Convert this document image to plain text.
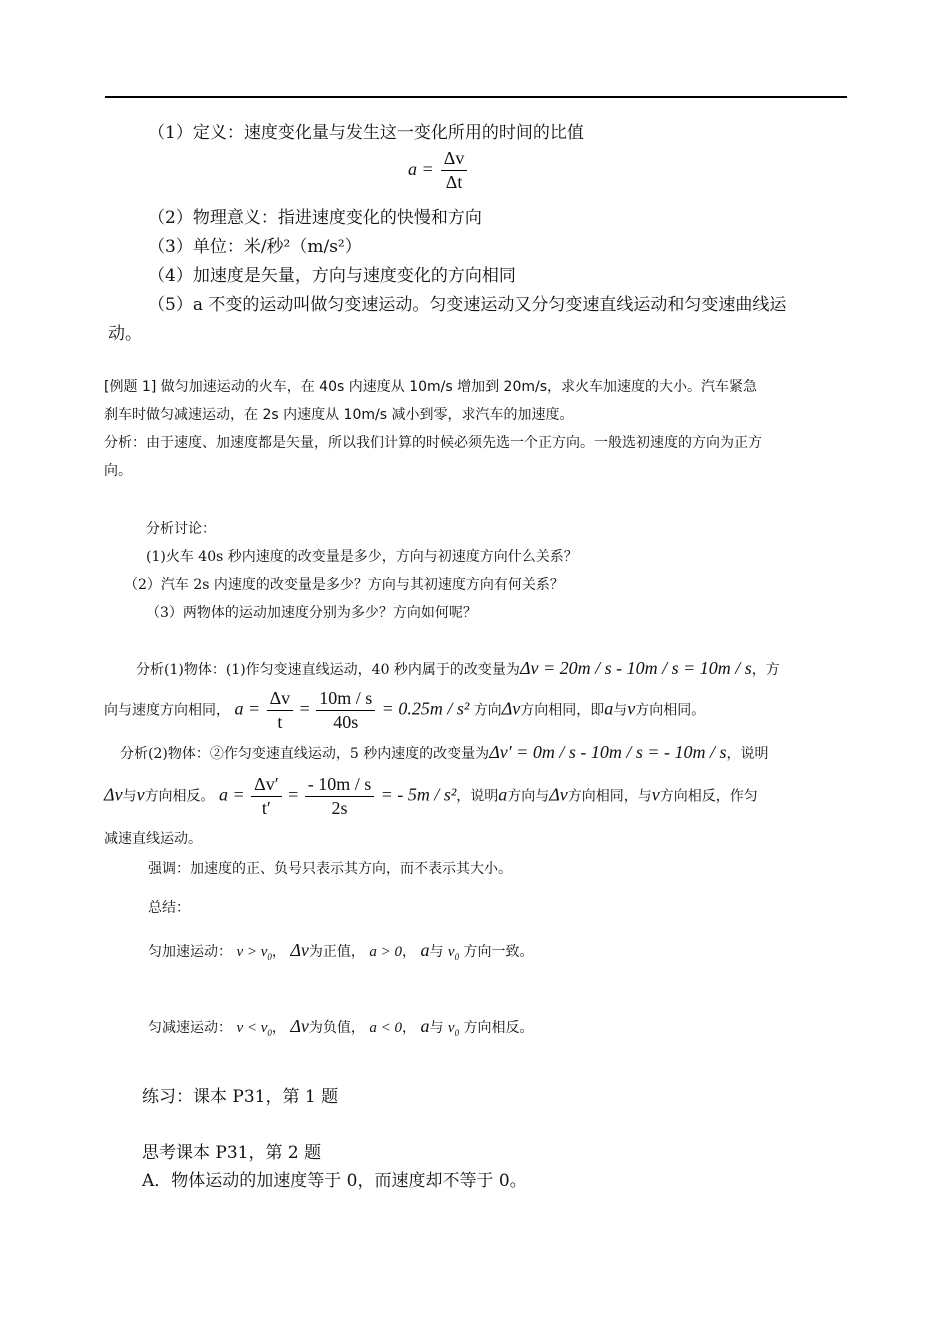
（1）定义：速度变化量与发生这一变化所用的时间的比值
$a = \frac{\Delta v}{\Delta t}$
（2）物理意义：指进速度变化的快慢和方向
（3）单位：米/秒²（m/s²）
（4）加速度是矢量，方向与速度变化的方向相同
（5）a 不变的运动叫做匀变速运动。匀变速运动又分匀变速直线运动和匀变速曲线运
动。
[例题 1] 做匀加速运动的火车，在 40s 内速度从 10m/s 增加到 20m/s，求火车加速度的大小。汽车紧急
刹车时做匀减速运动，在 2s 内速度从 10m/s 减小到零，求汽车的加速度。
分析：由于速度、加速度都是矢量，所以我们计算的时候必须先选一个正方向。一般选初速度的方向为正方
向。
分析讨论：
(1)火车 40s 秒内速度的改变量是多少，方向与初速度方向什么关系？
（2）汽车 2s 内速度的改变量是多少？方向与其初速度方向有何关系？
（3）两物体的运动加速度分别为多少？方向如何呢？
分析(1)物体：(1)作匀变速直线运动，40 秒内属于的改变量为Δv = 20m / s - 10m / s = 10m / s，方
向与速度方向相同， $a = \frac{\Delta v}{t} = \frac{10m / s}{40s} = 0.25m / s^2$ 方向Δv方向相同，即a与v方向相同。
分析(2)物体：②作匀变速直线运动，5 秒内速度的改变量为Δv′ = 0m / s - 10m / s = - 10m / s，说明
Δv与v方向相反。 $a = \frac{\Delta v'}{t'} = \frac{- 10m / s}{2s}$ = - 5m / s²，说明a方向与Δv方向相同，与v方向相反，作匀
减速直线运动。
强调：加速度的正、负号只表示其方向，而不表示其大小。
总结：
匀加速运动： $v > v_0$， Δv为正值， a > 0， a与 $v_0$ 方向一致。
匀减速运动： $v < v_0$， Δv为负值， a < 0， a与 $v_0$ 方向相反。
练习：课本 P31，第 1 题
思考课本 P31，第 2 题
A．物体运动的加速度等于 0，而速度却不等于 0。
